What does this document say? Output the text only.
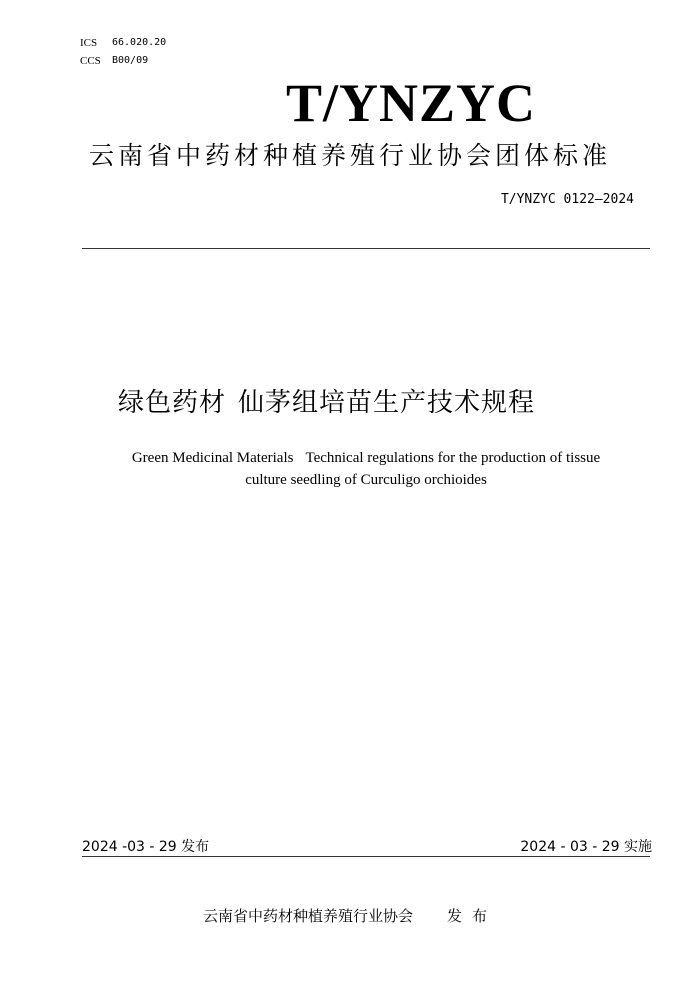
ICS	66.020.20
CCS	B00/09
T/YNZYC
云南省中药材种植养殖行业协会团体标准
T/YNZYC 0122—2024
绿色药材 仙茅组培苗生产技术规程
Green Medicinal Materials Technical regulations for the production of tissue
culture seedling of Curculigo orchioides
2024 -03 - 29 发布	2024 - 03 - 29 实施
云南省中药材种植养殖行业协会 发布
